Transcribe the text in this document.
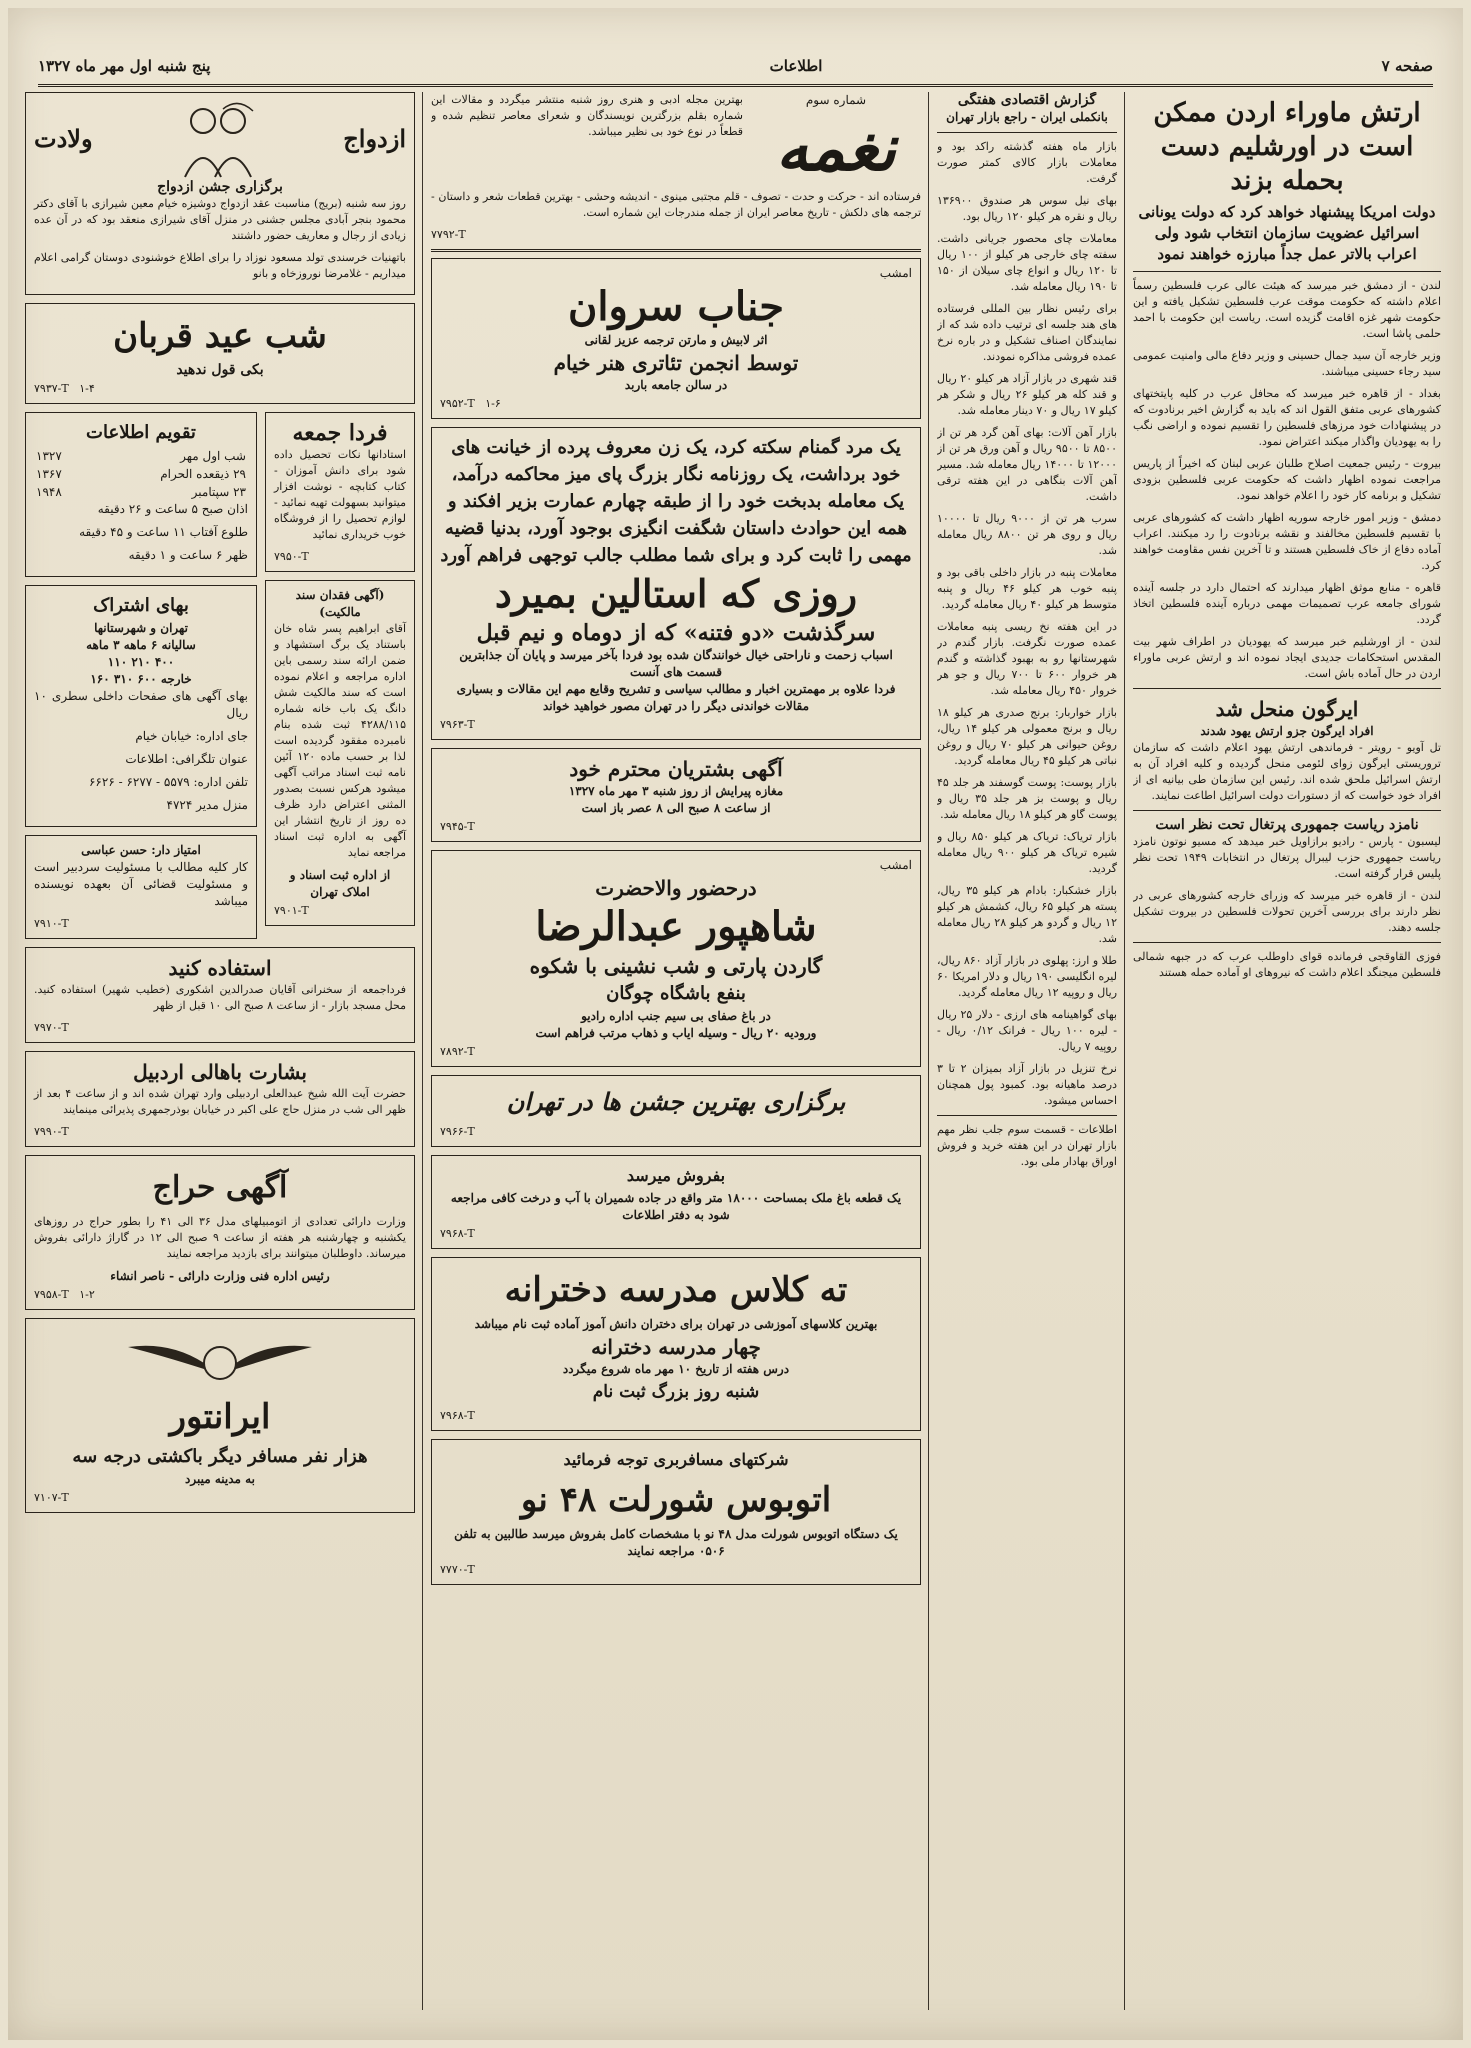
صفحه ۷
اطلاعات
پنج شنبه اول مهر ماه ۱۳۲۷
ارتش ماوراء اردن ممکن است در اورشلیم دست بحمله بزند
دولت امریکا پیشنهاد خواهد کرد که دولت یونانی اسرائیل عضویت سازمان انتخاب شود ولی اعراب بالاتر عمل جداً مبارزه خواهند نمود

لندن - از دمشق خبر میرسد که هیئت عالی عرب فلسطین رسماً اعلام داشته که حکومت موقت عرب فلسطین تشکیل یافته و این حکومت شهر غزه اقامت گزیده است. ریاست این حکومت با احمد حلمی پاشا است.

وزیر خارجه آن سید جمال حسینی و وزیر دفاع مالی وامنیت عمومی سید رجاء حسینی میباشند.

بغداد - از قاهره خبر میرسد که محافل عرب در کلیه پایتختهای کشورهای عربی متفق القول اند که باید به گزارش اخیر برنادوت که در پیشنهادات خود مرزهای فلسطین را تقسیم نموده و اراضی نگب را به یهودیان واگذار میکند اعتراض نمود.

بیروت - رئیس جمعیت اصلاح طلبان عربی لبنان که اخیراً از پاریس مراجعت نموده اظهار داشت که حکومت عربی فلسطین بزودی تشکیل و برنامه کار خود را اعلام خواهد نمود.

دمشق - وزیر امور خارجه سوریه اظهار داشت که کشورهای عربی با تقسیم فلسطین مخالفند و نقشه برنادوت را رد میکنند. اعراب آماده دفاع از خاک فلسطین هستند و تا آخرین نفس مقاومت خواهند کرد.

قاهره - منابع موثق اظهار میدارند که احتمال دارد در جلسه آینده شورای جامعه عرب تصمیمات مهمی درباره آینده فلسطین اتخاذ گردد.

لندن - از اورشلیم خبر میرسد که یهودیان در اطراف شهر بیت المقدس استحکامات جدیدی ایجاد نموده اند و ارتش عربی ماوراء اردن در حال آماده باش است.

ایرگون منحل شد
افراد ایرگون جزو ارتش یهود شدند

تل آویو - رویتر - فرماندهی ارتش یهود اعلام داشت که سازمان تروریستی ایرگون زوای لئومی منحل گردیده و کلیه افراد آن به ارتش اسرائیل ملحق شده اند. رئیس این سازمان طی بیانیه ای از افراد خود خواست که از دستورات دولت اسرائیل اطاعت نمایند.

نامزد ریاست جمهوری پرتغال تحت نظر است

لیسبون - پارس - رادیو برازاویل خبر میدهد که مسیو نوتون نامزد ریاست جمهوری حزب لیبرال پرتغال در انتخابات ۱۹۴۹ تحت نظر پلیس قرار گرفته است.

لندن - از قاهره خبر میرسد که وزرای خارجه کشورهای عربی در نظر دارند برای بررسی آخرین تحولات فلسطین در بیروت تشکیل جلسه دهند.

فوزی القاوقجی فرمانده قوای داوطلب عرب که در جبهه شمالی فلسطین میجنگد اعلام داشت که نیروهای او آماده حمله هستند

گزارش اقتصادی هفتگی
بانکملی ایران - راجع بازار تهران

بازار ماه هفته گذشته راکد بود و معاملات بازار کالای کمتر صورت گرفت.

بهای نیل سوس هر صندوق ۱۳۶۹۰۰ ریال و نقره هر کیلو ۱۲۰ ریال بود.

معاملات چای محصور جریانی داشت. سفته چای خارجی هر کیلو از ۱۰۰ ریال تا ۱۲۰ ریال و انواع چای سیلان از ۱۵۰ تا ۱۹۰ ریال معامله شد.

برای رئیس نظار بین المللی فرستاده های هند جلسه ای ترتیب داده شد که از نمایندگان اصناف تشکیل و در باره نرخ عمده فروشی مذاکره نمودند.

قند شهری در بازار آزاد هر کیلو ۲۰ ریال و قند کله هر کیلو ۲۶ ریال و شکر هر کیلو ۱۷ ریال و ۷۰ دینار معامله شد.

بازار آهن آلات: بهای آهن گرد هر تن از ۸۵۰۰ تا ۹۵۰۰ ریال و آهن ورق هر تن از ۱۲۰۰۰ تا ۱۴۰۰۰ ریال معامله شد. مسیر آهن آلات بنگاهی در این هفته ترقی داشت.

سرب هر تن از ۹۰۰۰ ریال تا ۱۰۰۰۰ ریال و روی هر تن ۸۸۰۰ ریال معامله شد.

معاملات پنبه در بازار داخلی باقی بود و پنبه خوب هر کیلو ۴۶ ریال و پنبه متوسط هر کیلو ۴۰ ریال معامله گردید.

در این هفته نخ ریسی پنبه معاملات عمده صورت نگرفت. بازار گندم در شهرستانها رو به بهبود گذاشته و گندم هر خروار ۶۰۰ تا ۷۰۰ ریال و جو هر خروار ۴۵۰ ریال معامله شد.

بازار خواربار: برنج صدری هر کیلو ۱۸ ریال و برنج معمولی هر کیلو ۱۴ ریال، روغن حیوانی هر کیلو ۷۰ ریال و روغن نباتی هر کیلو ۴۵ ریال معامله گردید.

بازار پوست: پوست گوسفند هر جلد ۴۵ ریال و پوست بز هر جلد ۳۵ ریال و پوست گاو هر کیلو ۱۸ ریال معامله شد.

بازار تریاک: تریاک هر کیلو ۸۵۰ ریال و شیره تریاک هر کیلو ۹۰۰ ریال معامله گردید.

بازار خشکبار: بادام هر کیلو ۳۵ ریال، پسته هر کیلو ۶۵ ریال، کشمش هر کیلو ۱۲ ریال و گردو هر کیلو ۲۸ ریال معامله شد.

طلا و ارز: پهلوی در بازار آزاد ۸۶۰ ریال، لیره انگلیسی ۱۹۰ ریال و دلار امریکا ۶۰ ریال و روپیه ۱۲ ریال معامله گردید.

بهای گواهینامه های ارزی - دلار ۲۵ ریال - لیره ۱۰۰ ریال - فرانک ۰/۱۲ ریال - روپیه ۷ ریال.

نرخ تنزیل در بازار آزاد بمیزان ۲ تا ۳ درصد ماهیانه بود. کمبود پول همچنان احساس میشود.

اطلاعات - قسمت سوم جلب نظر مهم بازار تهران در این هفته خرید و فروش اوراق بهادار ملی بود.

شماره سوم
نغمه

بهترین مجله ادبی و هنری روز شنبه منتشر میگردد و مقالات این شماره بقلم بزرگترین نویسندگان و شعرای معاصر تنظیم شده و قطعاً در نوع خود بی نظیر میباشد.

فرستاده اند - حرکت و حدت - تصوف - قلم مجتبی مینوی - اندیشه وحشی - بهترین قطعات شعر و داستان - ترجمه های دلکش - تاریخ معاصر ایران از جمله مندرجات این شماره است.

۷۷۹۲-T
امشب
جناب سروان
اثر لابیش و مارتن ترجمه عزیز لقانی
توسط انجمن تئاتری هنر خیام
در سالن جامعه باربد
۷۹۵۲-T ۱-۶
یک مرد گمنام سکته کرد، یک زن معروف پرده از خیانت های خود برداشت، یک روزنامه نگار بزرگ پای میز محاکمه درآمد، یک معامله بدبخت خود را از طبقه چهارم عمارت بزیر افکند و همه این حوادث داستان شگفت انگیزی بوجود آورد، بدنیا قضیه مهمی را ثابت کرد و برای شما مطلب جالب توجهی فراهم آورد
روزی که استالین بمیرد
سرگذشت «دو فتنه» که از دوماه و نیم قبل
اسباب زحمت و ناراحتی خیال خوانندگان شده بود فردا بآخر میرسد و پایان آن جذابترین قسمت های آنست
فردا علاوه بر مهمترین اخبار و مطالب سیاسی و تشریح وقایع مهم این مقالات و بسیاری مقالات خواندنی دیگر را در تهران مصور خواهید خواند
۷۹۶۳-T
آگهی بشتریان محترم خود
مغازه پیرایش از روز شنبه ۳ مهر ماه ۱۳۲۷
از ساعت ۸ صبح الی ۸ عصر باز است
۷۹۴۵-T
امشب
درحضور والاحضرت
شاهپور عبدالرضا
گاردن پارتی و شب نشینی با شکوه
بنفع باشگاه چوگان
در باغ صفای بی سیم جنب اداره رادیو
ورودیه ۲۰ ریال - وسیله ایاب و ذهاب مرتب فراهم است
۷۸۹۲-T
برگزاری بهترین جشن ها در تهران
۷۹۶۶-T
بفروش میرسد
یک قطعه باغ ملک بمساحت ۱۸۰۰۰ متر واقع در جاده شمیران با آب و درخت کافی مراجعه شود به دفتر اطلاعات
۷۹۶۸-T
ته کلاس مدرسه دخترانه
بهترین کلاسهای آموزشی در تهران برای دختران دانش آموز آماده ثبت نام میباشد
چهار مدرسه دخترانه
درس هفته از تاریخ ۱۰ مهر ماه شروع میگردد
شنبه روز بزرگ ثبت نام
۷۹۶۸-T
شرکتهای مسافربری توجه فرمائید
اتوبوس شورلت ۴۸ نو
یک دستگاه اتوبوس شورلت مدل ۴۸ نو با مشخصات کامل بفروش میرسد طالبین به تلفن ۰۵۰۶ مراجعه نمایند
۷۷۷۰-T
ازدواج
ولادت
برگزاری جشن ازدواج

روز سه شنبه (بریج) مناسبت عقد ازدواج دوشیزه خیام معین شیرازی با آقای دکتر محمود بنجر آبادی مجلس جشنی در منزل آقای شیرازی منعقد بود که در آن عده زیادی از رجال و معاریف حضور داشتند

باتهنیات خرسندی تولد مسعود نوزاد را برای اطلاع خوشنودی دوستان گرامی اعلام میداریم - غلامرضا نوروزخاه و بانو

شب عید قربان
بکی قول ندهید
۷۹۳۷-T ۱-۴
فردا جمعه

استادانها نکات تحصیل داده شود برای دانش آموزان - کتاب کتابچه - نوشت افزار میتوانید بسهولت تهیه نمائید - لوازم تحصیل را از فروشگاه خوب خریداری نمائید

۷۹۵۰-T
(آگهی فقدان سند مالکیت)

آقای ابراهیم پسر شاه خان باستناد یک برگ استشهاد و ضمن ارائه سند رسمی باین اداره مراجعه و اعلام نموده است که سند مالکیت شش دانگ یک باب خانه شماره ۴۲۸۸/۱۱۵ ثبت شده بنام نامبرده مفقود گردیده است لذا بر حسب ماده ۱۲۰ آئین نامه ثبت اسناد مراتب آگهی میشود هرکس نسبت بصدور المثنی اعتراض دارد ظرف ده روز از تاریخ انتشار این آگهی به اداره ثبت اسناد مراجعه نماید

از اداره ثبت اسناد و املاک تهران
۷۹۰۱-T
تقویم اطلاعات
شب اول مهر	۱۳۲۷
۲۹ ذیقعده الحرام	۱۳۶۷
۲۳ سپتامبر	۱۹۴۸

اذان صبح ۵ ساعت و ۲۶ دقیقه

طلوع آفتاب ۱۱ ساعت و ۴۵ دقیقه

ظهر ۶ ساعت و ۱ دقیقه

بهای اشتراک
تهران و شهرستانها
سالیانه ۶ ماهه ۳ ماهه
۴۰۰ ۲۱۰ ۱۱۰
خارجه ۶۰۰ ۳۱۰ ۱۶۰

بهای آگهی های صفحات داخلی سطری ۱۰ ریال

جای اداره: خیابان خیام

عنوان تلگرافی: اطلاعات

تلفن اداره: ۵۵۷۹ - ۶۲۷۷ - ۶۶۲۶

منزل مدیر ۴۷۲۴

امتیاز دار: حسن عباسی

کار کلیه مطالب با مسئولیت سردبیر است و مسئولیت قضائی آن بعهده نویسنده میباشد

۷۹۱۰-T
استفاده کنید

فرداجمعه از سخنرانی آقایان صدرالدین اشکوری (خطیب شهیر) استفاده کنید. محل مسجد بازار - از ساعت ۸ صبح الی ۱۰ قبل از ظهر

۷۹۷۰-T
بشارت باهالی اردبیل

حضرت آیت الله شیخ عبدالعلی اردبیلی وارد تهران شده اند و از ساعت ۴ بعد از ظهر الی شب در منزل حاج علی اکبر در خیابان بوذرجمهری پذیرائی مینمایند

۷۹۹۰-T
آگهی حراج

وزارت دارائی تعدادی از اتومبیلهای مدل ۳۶ الی ۴۱ را بطور حراج در روزهای یکشنبه و چهارشنبه هر هفته از ساعت ۹ صبح الی ۱۲ در گاراژ دارائی بفروش میرساند. داوطلبان میتوانند برای بازدید مراجعه نمایند

رئیس اداره فنی وزارت دارائی - ناصر انشاء
۷۹۵۸-T ۱-۲
ایرانتور
هزار نفر مسافر دیگر باکشتی درجه سه
به مدینه میبرد
۷۱۰۷-T
